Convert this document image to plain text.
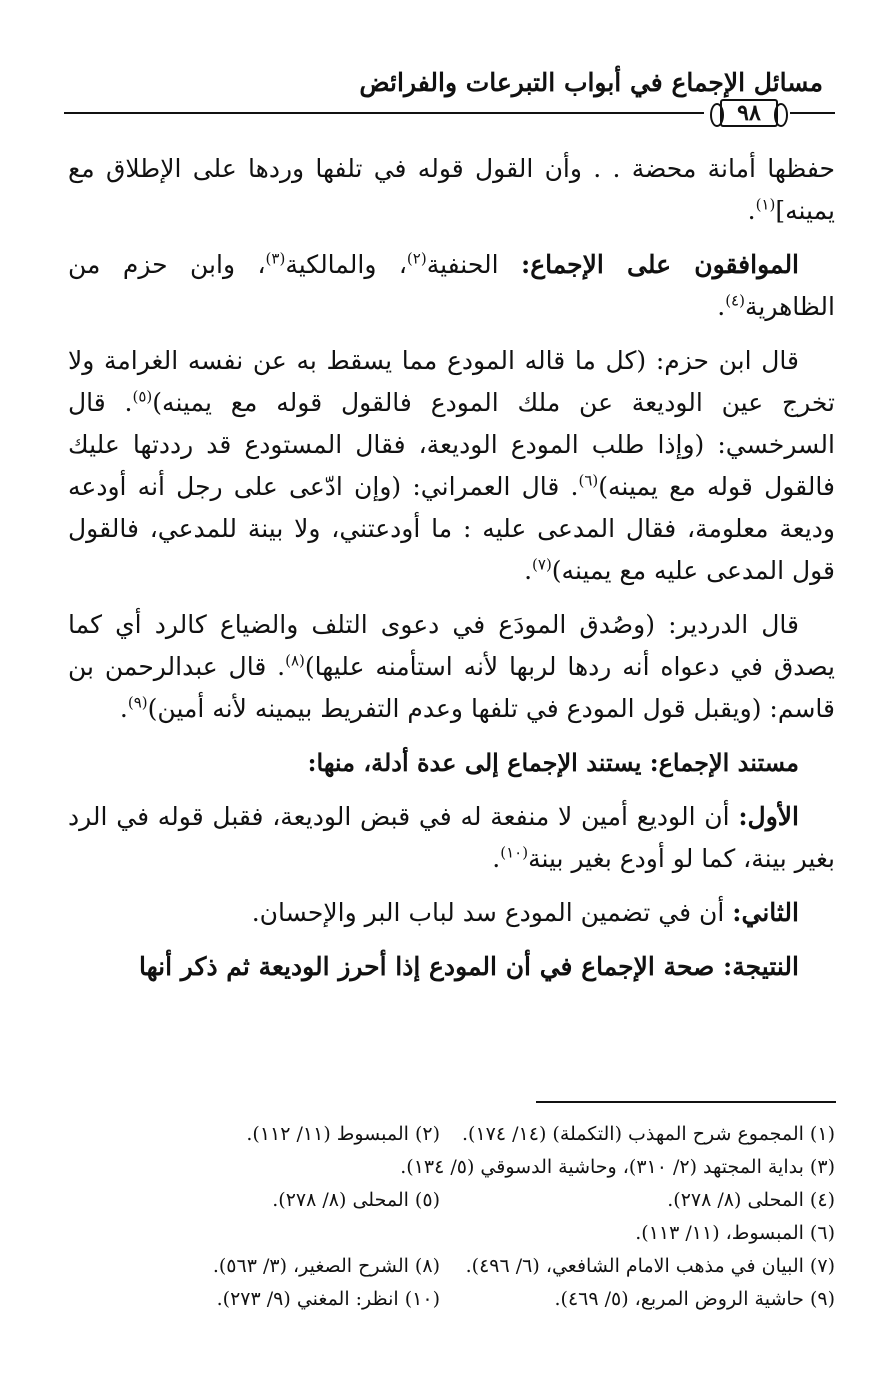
مسائل الإجماع في أبواب التبرعات والفرائض
٩٨

حفظها أمانة محضة . . وأن القول قوله في تلفها وردها على الإطلاق مع يمينه]$^{(١)}$.

الموافقون على الإجماع: الحنفية$^{(٢)}$، والمالكية$^{(٣)}$، وابن حزم من الظاهرية$^{(٤)}$.

قال ابن حزم: (كل ما قاله المودع مما يسقط به عن نفسه الغرامة ولا تخرج عين الوديعة عن ملك المودع فالقول قوله مع يمينه)$^{(٥)}$. قال السرخسي: (وإذا طلب المودع الوديعة، فقال المستودع قد رددتها عليك فالقول قوله مع يمينه)$^{(٦)}$. قال العمراني: (وإن ادّعى على رجل أنه أودعه وديعة معلومة، فقال المدعى عليه : ما أودعتني، ولا بينة للمدعي، فالقول قول المدعى عليه مع يمينه)$^{(٧)}$.

قال الدردير: (وصُدق المودَع في دعوى التلف والضياع كالرد أي كما يصدق في دعواه أنه ردها لربها لأنه استأمنه عليها)$^{(٨)}$. قال عبدالرحمن بن قاسم: (ويقبل قول المودع في تلفها وعدم التفريط بيمينه لأنه أمين)$^{(٩)}$.

مستند الإجماع: يستند الإجماع إلى عدة أدلة، منها:

الأول: أن الوديع أمين لا منفعة له في قبض الوديعة، فقبل قوله في الرد بغير بينة، كما لو أودع بغير بينة$^{(١٠)}$.

الثاني: أن في تضمين المودع سد لباب البر والإحسان.

النتيجة: صحة الإجماع في أن المودع إذا أحرز الوديعة ثم ذكر أنها

(١) المجموع شرح المهذب (التكملة) (١٤/ ١٧٤).
(٢) المبسوط (١١/ ١١٢).
(٣) بداية المجتهد (٢/ ٣١٠)، وحاشية الدسوقي (٥/ ١٣٤).
(٤) المحلى (٨/ ٢٧٨).
(٥) المحلى (٨/ ٢٧٨).
(٦) المبسوط، (١١/ ١١٣).
(٧) البيان في مذهب الامام الشافعي، (٦/ ٤٩٦).
(٨) الشرح الصغير، (٣/ ٥٦٣).
(٩) حاشية الروض المربع، (٥/ ٤٦٩).
(١٠) انظر: المغني (٩/ ٢٧٣).
